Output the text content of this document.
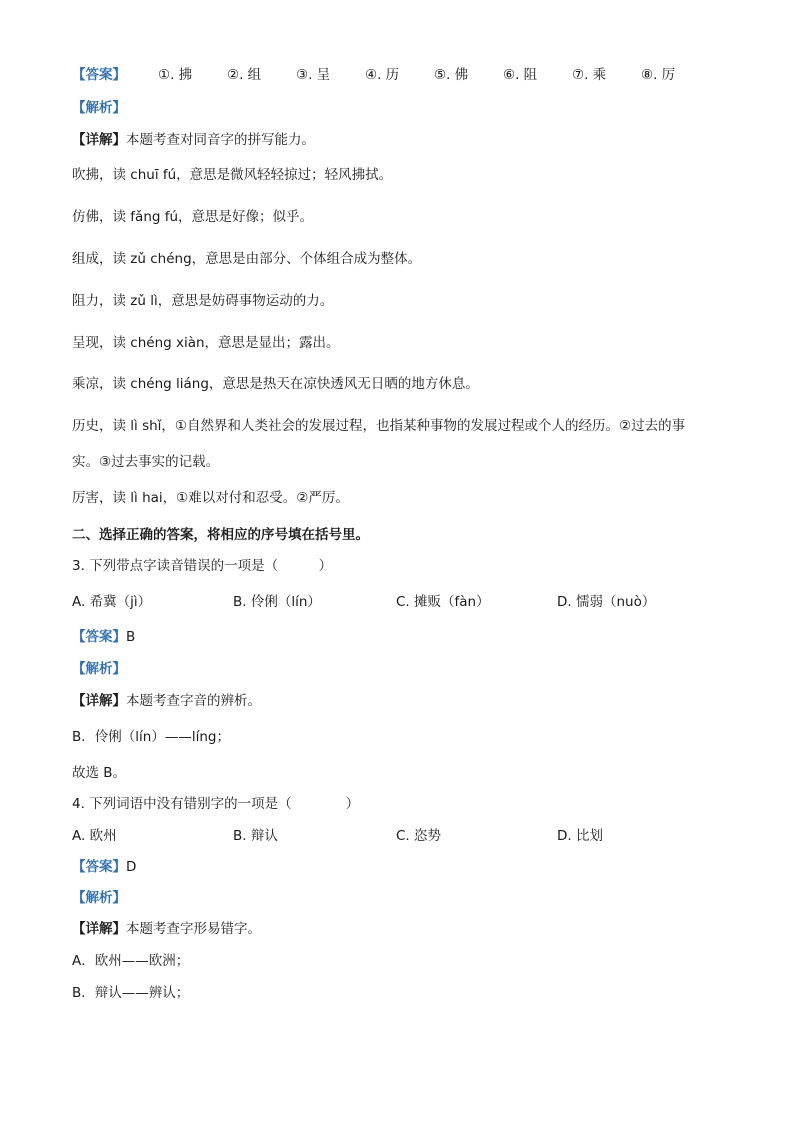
【答案】 ①. 拂	②. 组	③. 呈	④. 历	⑤. 佛	⑥. 阻	⑦. 乘	⑧. 厉
【解析】
【详解】本题考查对同音字的拼写能力。
吹拂，读 chuī fú，意思是微风轻轻掠过；轻风拂拭。
仿佛，读 fǎng fú，意思是好像；似乎。
组成，读 zǔ chéng，意思是由部分、个体组合成为整体。
阻力，读 zǔ lì，意思是妨碍事物运动的力。
呈现，读 chéng xiàn，意思是显出；露出。
乘凉，读 chéng liáng，意思是热天在凉快透风无日晒的地方休息。
历史，读 lì shǐ，①自然界和人类社会的发展过程，也指某种事物的发展过程或个人的经历。②过去的事
实。③过去事实的记载。
厉害，读 lì hai，①难以对付和忍受。②严厉。
二、选择正确的答案，将相应的序号填在括号里。
3. 下列带点字读音错误的一项是（　　　）
A. 希冀（jì）	B. 伶俐（lín）	C. 摊贩（fàn）	D. 懦弱（nuò）
【答案】B
【解析】
【详解】本题考查字音的辨析。
B．伶俐（lín）——líng；
故选 B。
4. 下列词语中没有错别字的一项是（　　　　）
A. 欧州	B. 辩认	C. 恣势	D. 比划
【答案】D
【解析】
【详解】本题考查字形易错字。
A．欧州——欧洲；
B．辩认——辨认；
